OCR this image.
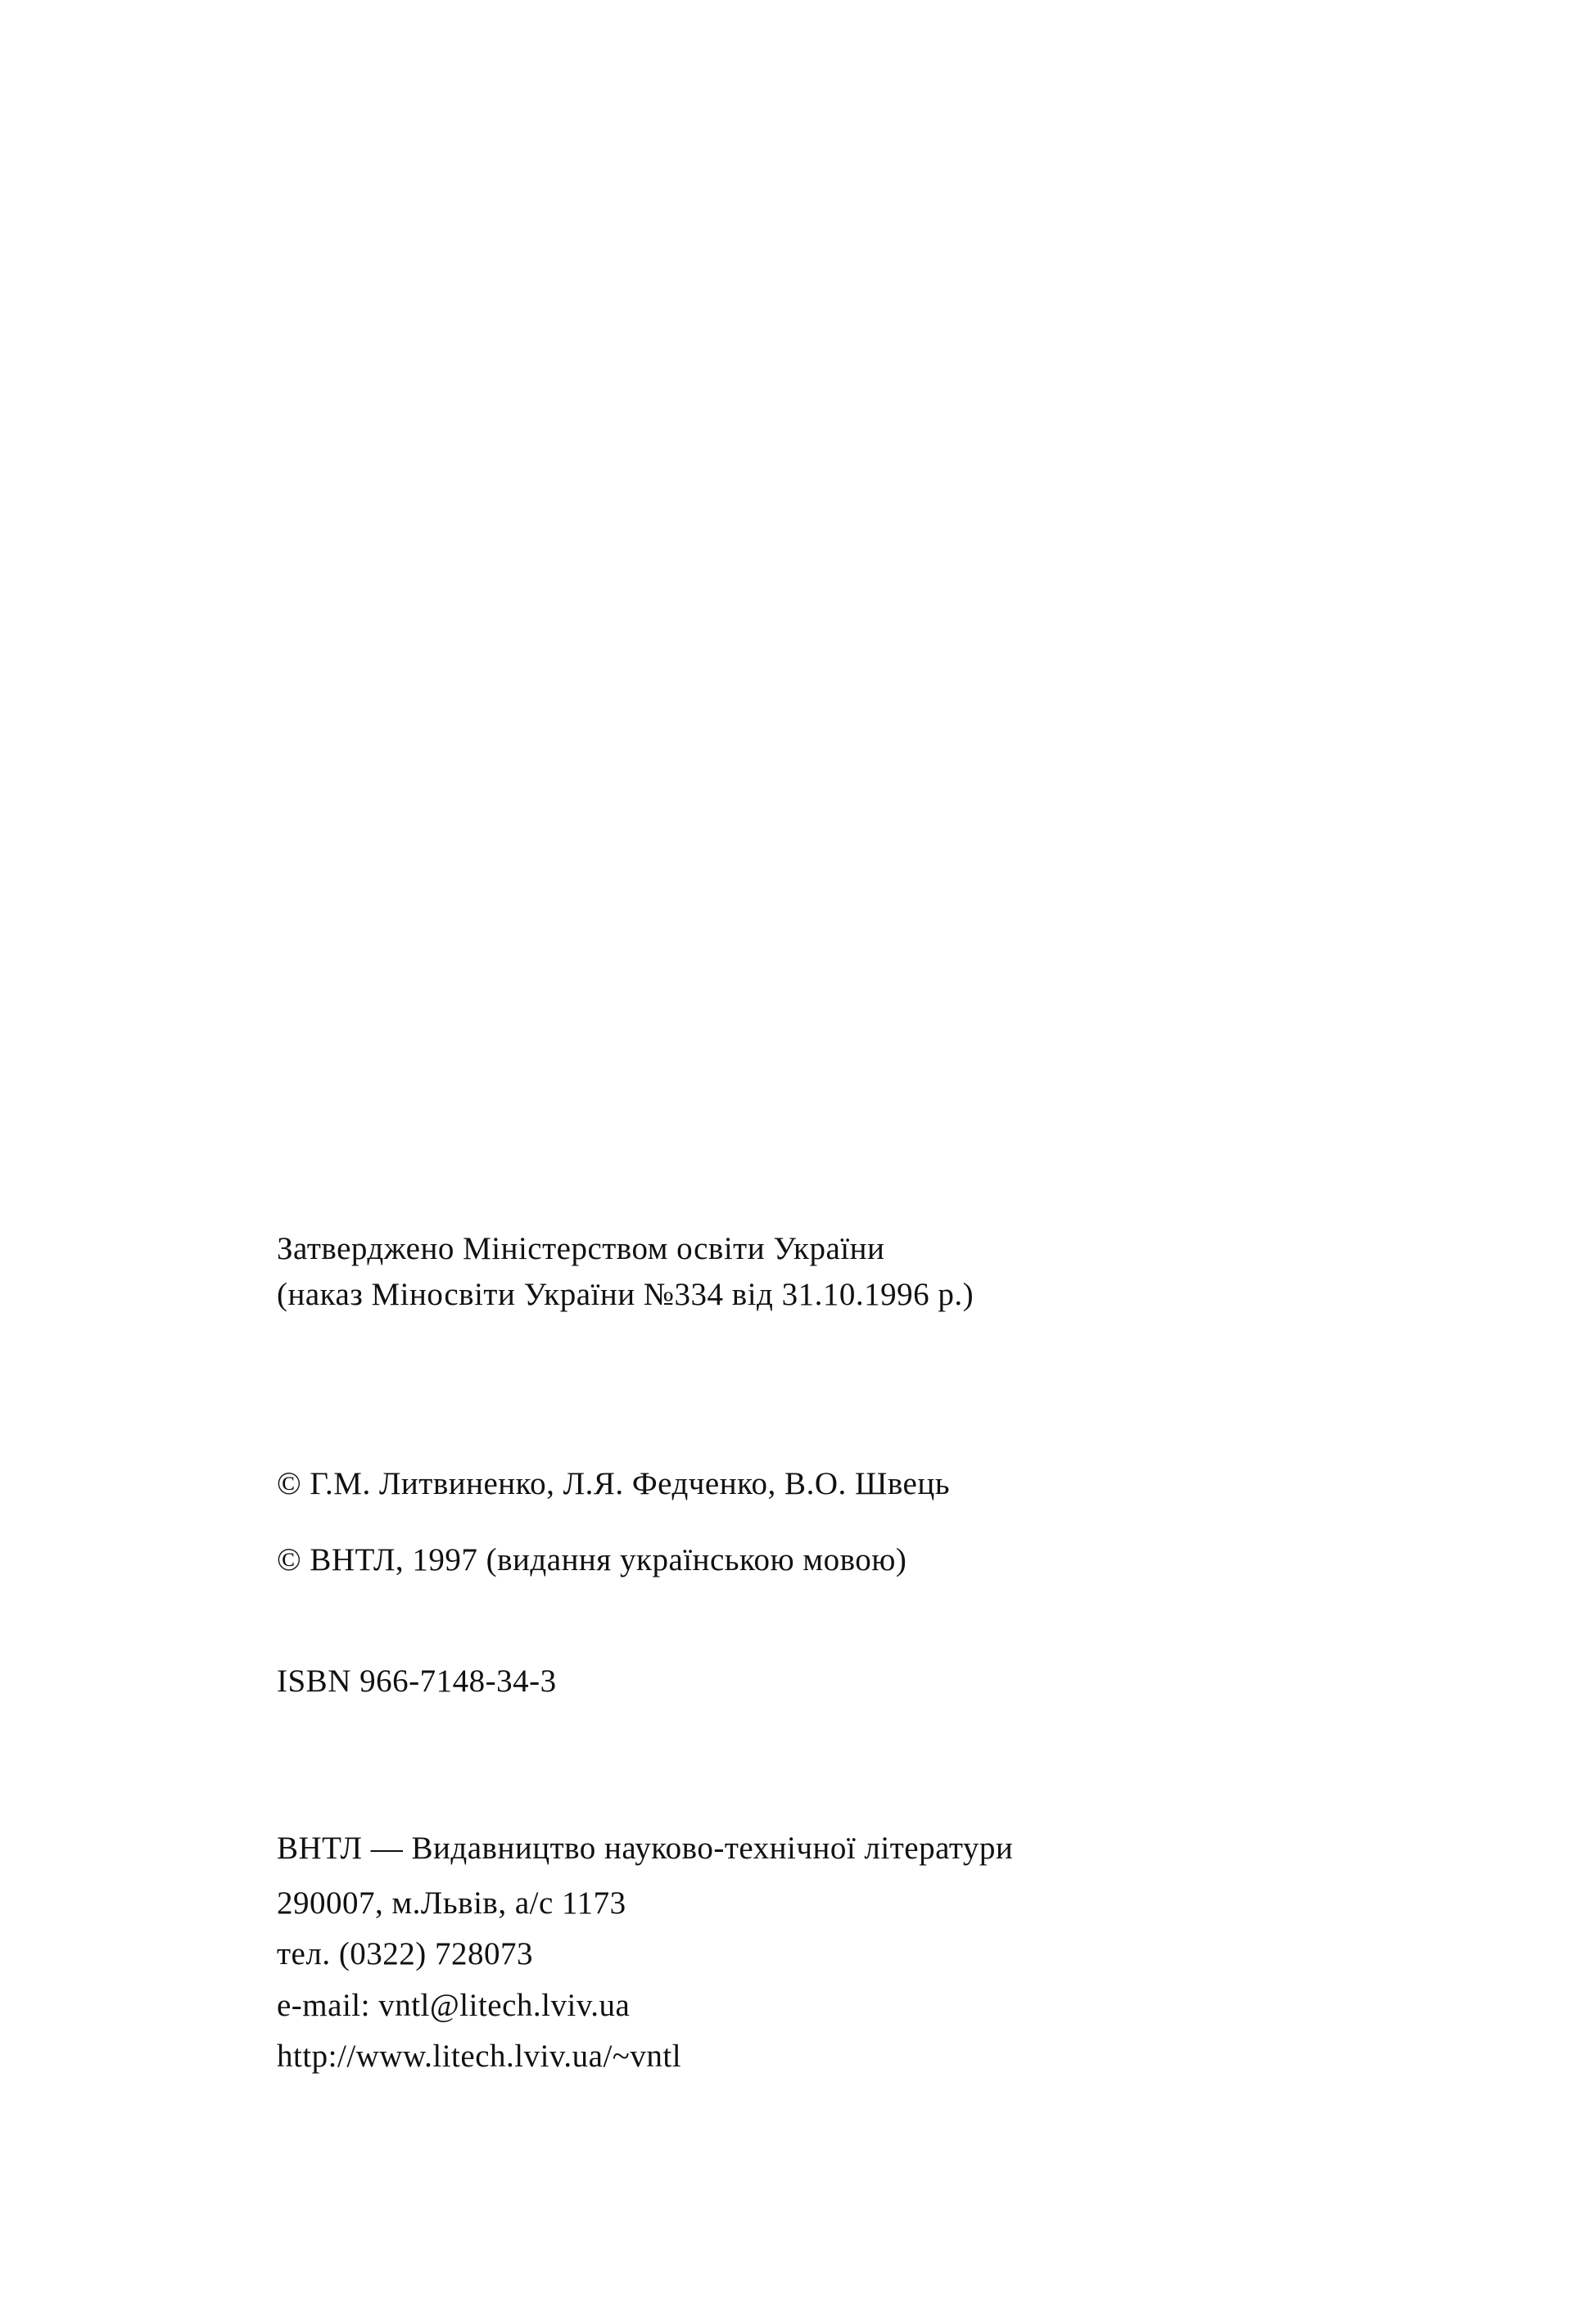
Затверджено Міністерством освіти України
(наказ Міносвіти України №334 від 31.10.1996 р.)
© Г.М. Литвиненко, Л.Я. Федченко, В.О. Швець
© ВНТЛ, 1997 (видання українською мовою)
ISBN 966-7148-34-3
ВНТЛ — Видавництво науково-технічної літератури
290007, м.Львів, а/с 1173
тел. (0322) 728073
e-mail: vntl@litech.lviv.ua
http://www.litech.lviv.ua/~vntl
